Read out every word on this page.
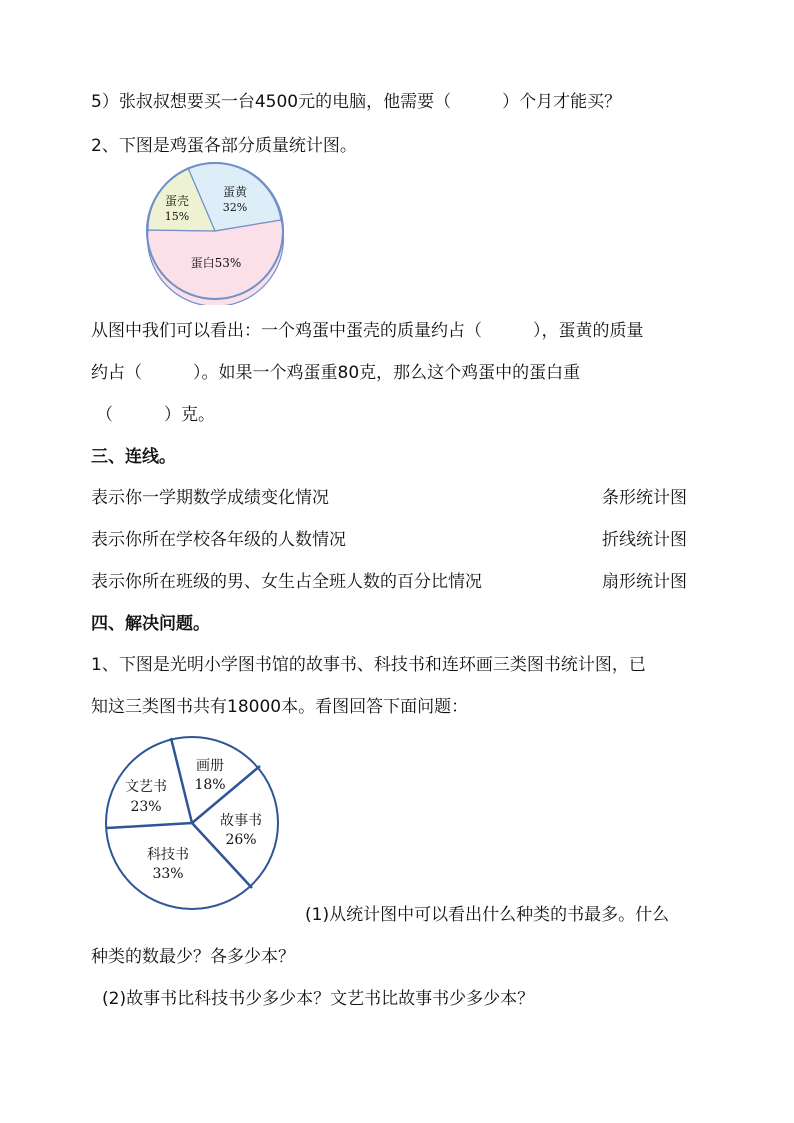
5）张叔叔想要买一台4500元的电脑，他需要（　　　）个月才能买？
2、下图是鸡蛋各部分质量统计图。
蛋黄
32%
蛋壳
15%
蛋白53%
从图中我们可以看出：一个鸡蛋中蛋壳的质量约占（　　　），蛋黄的质量
约占（　　　）。如果一个鸡蛋重80克，那么这个鸡蛋中的蛋白重
（　　　）克。
三、连线。
表示你一学期数学成绩变化情况	条形统计图
表示你所在学校各年级的人数情况	折线统计图
表示你所在班级的男、女生占全班人数的百分比情况	扇形统计图
四、解决问题。
1、下图是光明小学图书馆的故事书、科技书和连环画三类图书统计图，已
知这三类图书共有18000本。看图回答下面问题：
画册
18%
文艺书
23%
故事书
26%
科技书
33%
(1)从统计图中可以看出什么种类的书最多。什么
种类的数最少？各多少本？
(2)故事书比科技书少多少本？文艺书比故事书少多少本？
